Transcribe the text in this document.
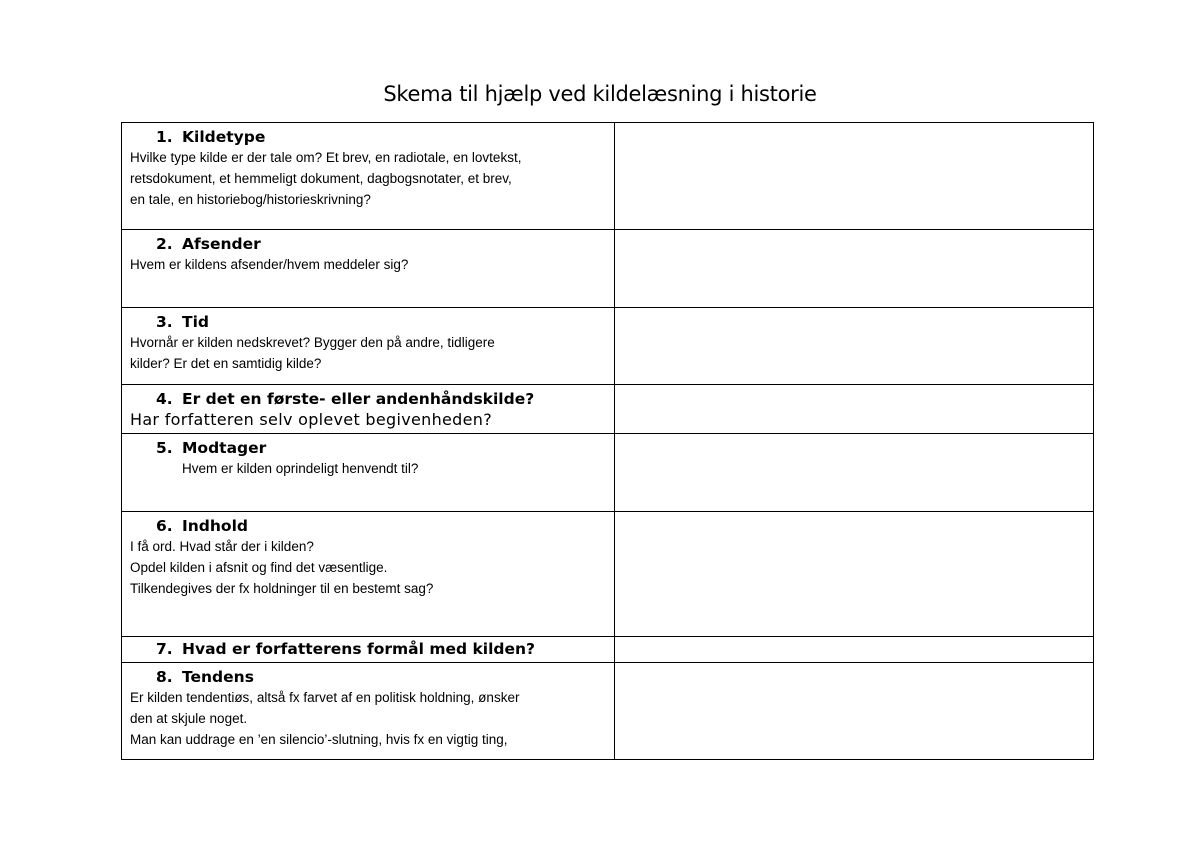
Skema til hjælp ved kildelæsning i historie
1. Kildetype

Hvilke type kilde er der tale om? Et brev, en radiotale, en lovtekst,

retsdokument, et hemmeligt dokument, dagbogsnotater, et brev,

en tale, en historiebog/historieskrivning?	

2. Afsender

Hvem er kildens afsender/hvem meddeler sig?	

3. Tid

Hvornår er kilden nedskrevet? Bygger den på andre, tidligere

kilder? Er det en samtidig kilde?	

4. Er det en første- eller andenhåndskilde?

Har forfatteren selv oplevet begivenheden?	

5. Modtager

Hvem er kilden oprindeligt henvendt til?	

6. Indhold

I få ord. Hvad står der i kilden?

Opdel kilden i afsnit og find det væsentlige.

Tilkendegives der fx holdninger til en bestemt sag?	

7. Hvad er forfatterens formål med kilden?	

8. Tendens

Er kilden tendentiøs, altså fx farvet af en politisk holdning, ønsker

den at skjule noget.

Man kan uddrage en ’en silencio’-slutning, hvis fx en vigtig ting,	
